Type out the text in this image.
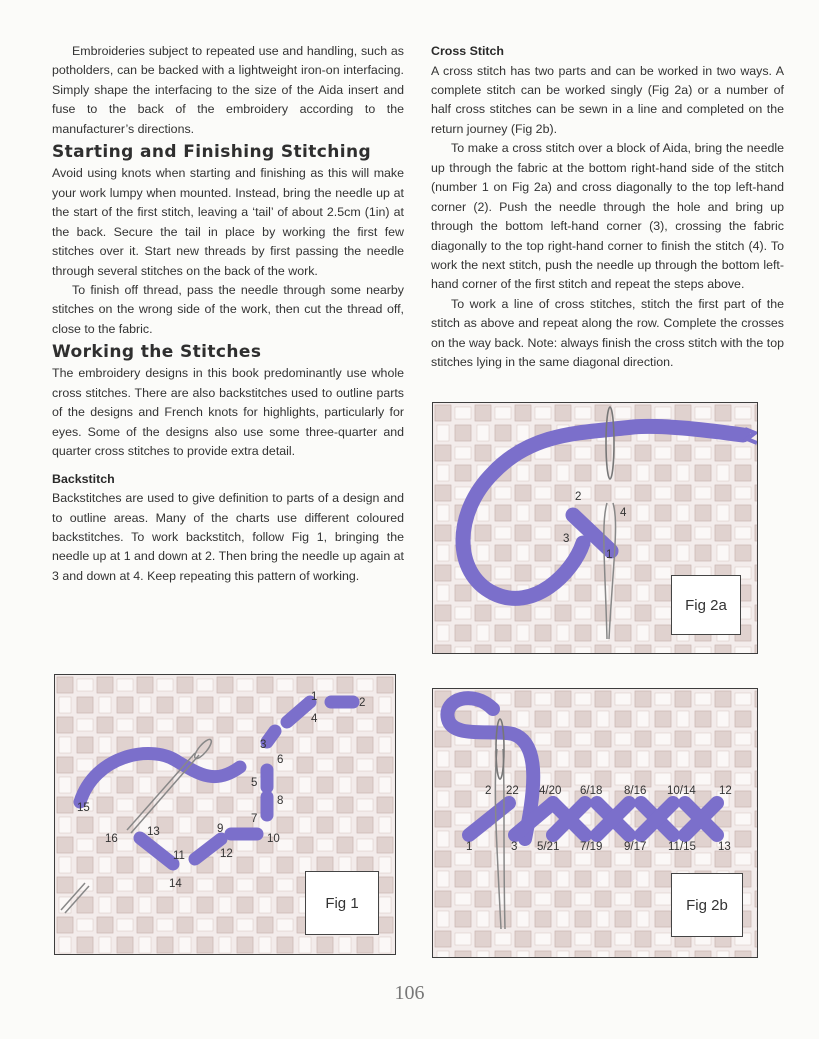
Embroideries subject to repeated use and handling, such as potholders, can be backed with a lightweight iron-on interfacing. Simply shape the interfacing to the size of the Aida insert and fuse to the back of the embroidery according to the manufacturer’s directions.

Starting and Finishing Stitching

Avoid using knots when starting and finishing as this will make your work lumpy when mounted. Instead, bring the needle up at the start of the first stitch, leaving a ‘tail’ of about 2.5cm (1in) at the back. Secure the tail in place by working the first few stitches over it. Start new threads by first passing the needle through several stitches on the back of the work.

To finish off thread, pass the needle through some nearby stitches on the wrong side of the work, then cut the thread off, close to the fabric.

Working the Stitches

The embroidery designs in this book predominantly use whole cross stitches. There are also backstitches used to outline parts of the designs and French knots for highlights, particularly for eyes. Some of the designs also use some three-quarter and quarter cross stitches to provide extra detail.

Backstitch

Backstitches are used to give definition to parts of a design and to outline areas. Many of the charts use different coloured backstitches. To work backstitch, follow Fig 1, bringing the needle up at 1 and down at 2. Then bring the needle up again at 3 and down at 4. Keep repeating this pattern of working.

Cross Stitch

A cross stitch has two parts and can be worked in two ways. A complete stitch can be worked singly (Fig 2a) or a number of half cross stitches can be sewn in a line and completed on the return journey (Fig 2b).

To make a cross stitch over a block of Aida, bring the needle up through the fabric at the bottom right-hand side of the stitch (number 1 on Fig 2a) and cross diagonally to the top left-hand corner (2). Push the needle through the hole and bring up through the bottom left-hand corner (3), crossing the fabric diagonally to the top right-hand corner to finish the stitch (4). To work the next stitch, push the needle up through the bottom left-hand corner of the first stitch and repeat the steps above.

To work a line of cross stitches, stitch the first part of the stitch as above and repeat along the row. Complete the crosses on the way back. Note: always finish the cross stitch with the top stitches lying in the same diagonal direction.

2
4
3
1
Fig 2a
1	2
3
4
5
6
7
8
9
10
11	12
13
14
15
16
Fig 1
2 22 4/20 6/18 8/16 10/14 12
1	3 5/21 7/19 9/17 11/15 13
Fig 2b
106
